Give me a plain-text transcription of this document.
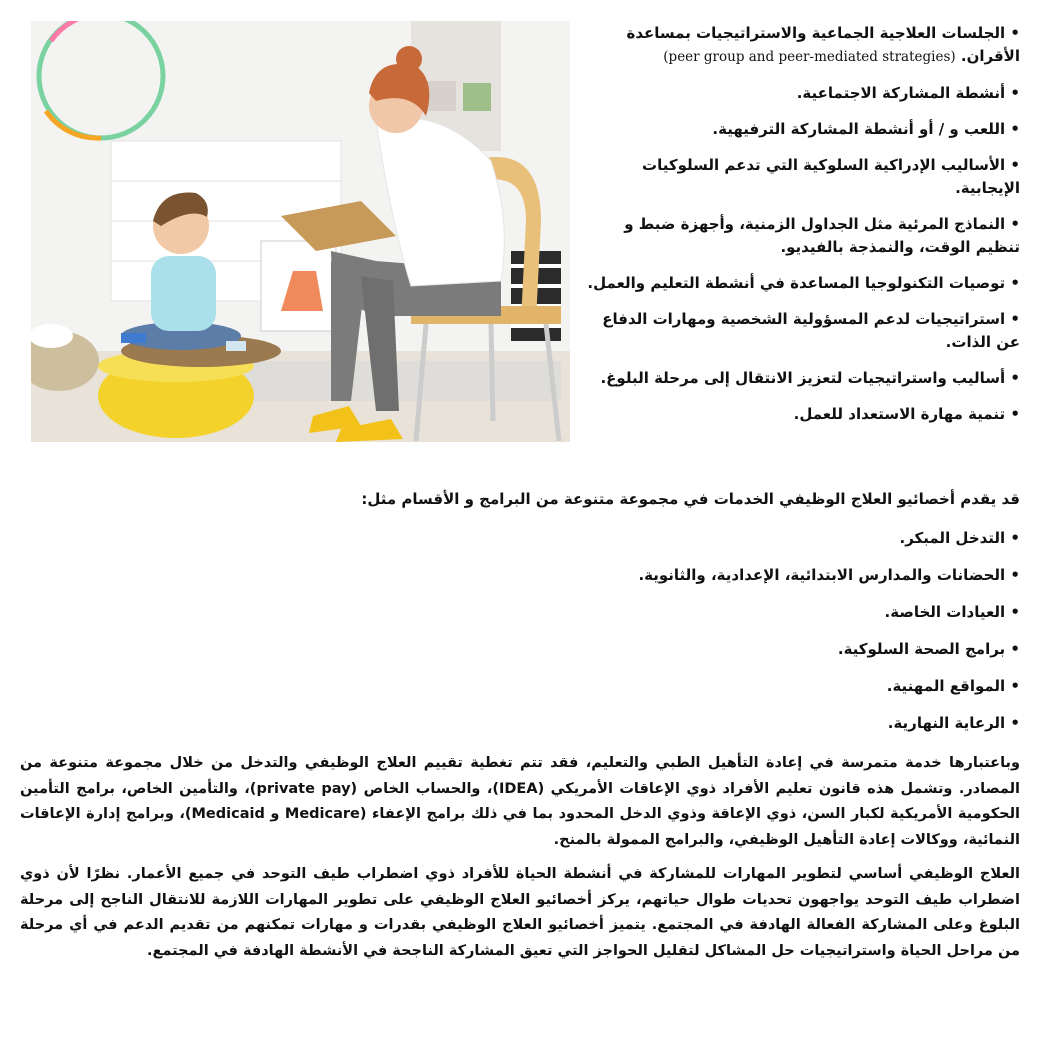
• الجلسات العلاجية الجماعية والاستراتيجيات بمساعدة الأقران. (peer group and peer-mediated strategies)
• أنشطة المشاركة الاجتماعية.
• اللعب و / أو أنشطة المشاركة الترفيهية.
• الأساليب الإدراكية السلوكية التي تدعم السلوكيات الإيجابية.
• النماذج المرئية مثل الجداول الزمنية، وأجهزة ضبط و تنظيم الوقت، والنمذجة بالفيديو.
• توصيات التكنولوجيا المساعدة في أنشطة التعليم والعمل.
• استراتيجيات لدعم المسؤولية الشخصية ومهارات الدفاع عن الذات.
• أساليب واستراتيجيات لتعزيز الانتقال إلى مرحلة البلوغ.
• تنمية مهارة الاستعداد للعمل.

قد يقدم أخصائيو العلاج الوظيفي الخدمات في مجموعة متنوعة من البرامج و الأقسام مثل:

• التدخل المبكر.
• الحضانات والمدارس الابتدائية، الإعدادية، والثانوية.
• العيادات الخاصة.
• برامج الصحة السلوكية.
• المواقع المهنية.
• الرعاية النهارية.

وباعتبارها خدمة متمرسة في إعادة التأهيل الطبي والتعليم، فقد تتم تغطية تقييم العلاج الوظيفي والتدخل من خلال مجموعة متنوعة من المصادر. وتشمل هذه قانون تعليم الأفراد ذوي الإعاقات الأمريكي (IDEA)، والحساب الخاص (private pay)، والتأمين الخاص، برامج التأمين الحكومية الأمريكية لكبار السن، ذوي الإعاقة وذوي الدخل المحدود بما في ذلك برامج الإعفاء (Medicare و Medicaid)، وبرامج إدارة الإعاقات النمائية، ووكالات إعادة التأهيل الوظيفي، والبرامج الممولة بالمنح.

العلاج الوظيفي أساسي لتطوير المهارات للمشاركة في أنشطة الحياة للأفراد ذوي اضطراب طيف التوحد في جميع الأعمار. نظرًا لأن ذوي اضطراب طيف التوحد يواجهون تحديات طوال حياتهم، يركز أخصائيو العلاج الوظيفي على تطوير المهارات اللازمة للانتقال الناجح إلى مرحلة البلوغ وعلى المشاركة الفعالة الهادفة في المجتمع. يتميز أخصائيو العلاج الوظيفي بقدرات و مهارات تمكنهم من تقديم الدعم في أي مرحلة من مراحل الحياة واستراتيجيات حل المشاكل لتقليل الحواجز التي تعيق المشاركة الناجحة في الأنشطة الهادفة في المجتمع.
